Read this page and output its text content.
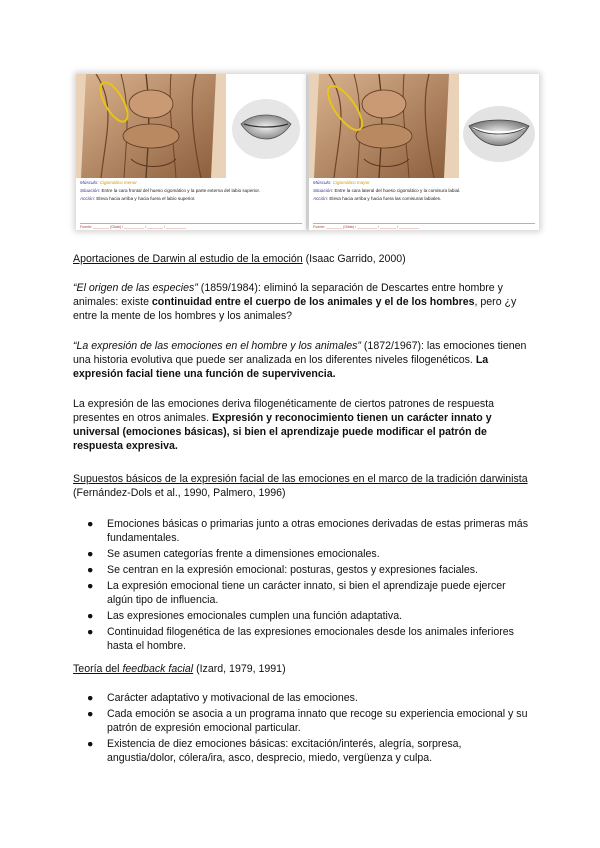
Músculo: Cigomático menor
Situación: Entre la cara frontal del hueso cigomático y la parte externa del labio superior.
Acción: Eleva hacia arriba y hacia fuera el labio superior.
Fuente: ________ (Gitab) / __________ / ________ / __________
Músculo: Cigomático mayor
Situación: Entre la cara lateral del hueso cigomático y la comisura labial.
Acción: Eleva hacia arriba y hacia fuera las comisuras labiales.
Fuente: ________ (Gitab) / __________ / ________ / __________
Aportaciones de Darwin al estudio de la emoción (Isaac Garrido, 2000)
“El origen de las especies” (1859/1984): eliminó la separación de Descartes entre hombre y animales: existe continuidad entre el cuerpo de los animales y el de los hombres, pero ¿y entre la mente de los hombres y los animales?
“La expresión de las emociones en el hombre y los animales” (1872/1967): las emociones tienen una historia evolutiva que puede ser analizada en los diferentes niveles filogenéticos. La expresión facial tiene una función de supervivencia.
La expresión de las emociones deriva filogenéticamente de ciertos patrones de respuesta presentes en otros animales. Expresión y reconocimiento tienen un carácter innato y universal (emociones básicas), si bien el aprendizaje puede modificar el patrón de respuesta expresiva.
Supuestos básicos de la expresión facial de las emociones en el marco de la tradición darwinista (Fernández-Dols et al., 1990, Palmero, 1996)
● Emociones básicas o primarias junto a otras emociones derivadas de estas primeras más fundamentales.
● Se asumen categorías frente a dimensiones emocionales.
● Se centran en la expresión emocional: posturas, gestos y expresiones faciales.
● La expresión emocional tiene un carácter innato, si bien el aprendizaje puede ejercer algún tipo de influencia.
● Las expresiones emocionales cumplen una función adaptativa.
● Continuidad filogenética de las expresiones emocionales desde los animales inferiores hasta el hombre.
Teoría del feedback facial (Izard, 1979, 1991)
● Carácter adaptativo y motivacional de las emociones.
● Cada emoción se asocia a un programa innato que recoge su experiencia emocional y su patrón de expresión emocional particular.
● Existencia de diez emociones básicas: excitación/interés, alegría, sorpresa, angustia/dolor, cólera/ira, asco, desprecio, miedo, vergüenza y culpa.
